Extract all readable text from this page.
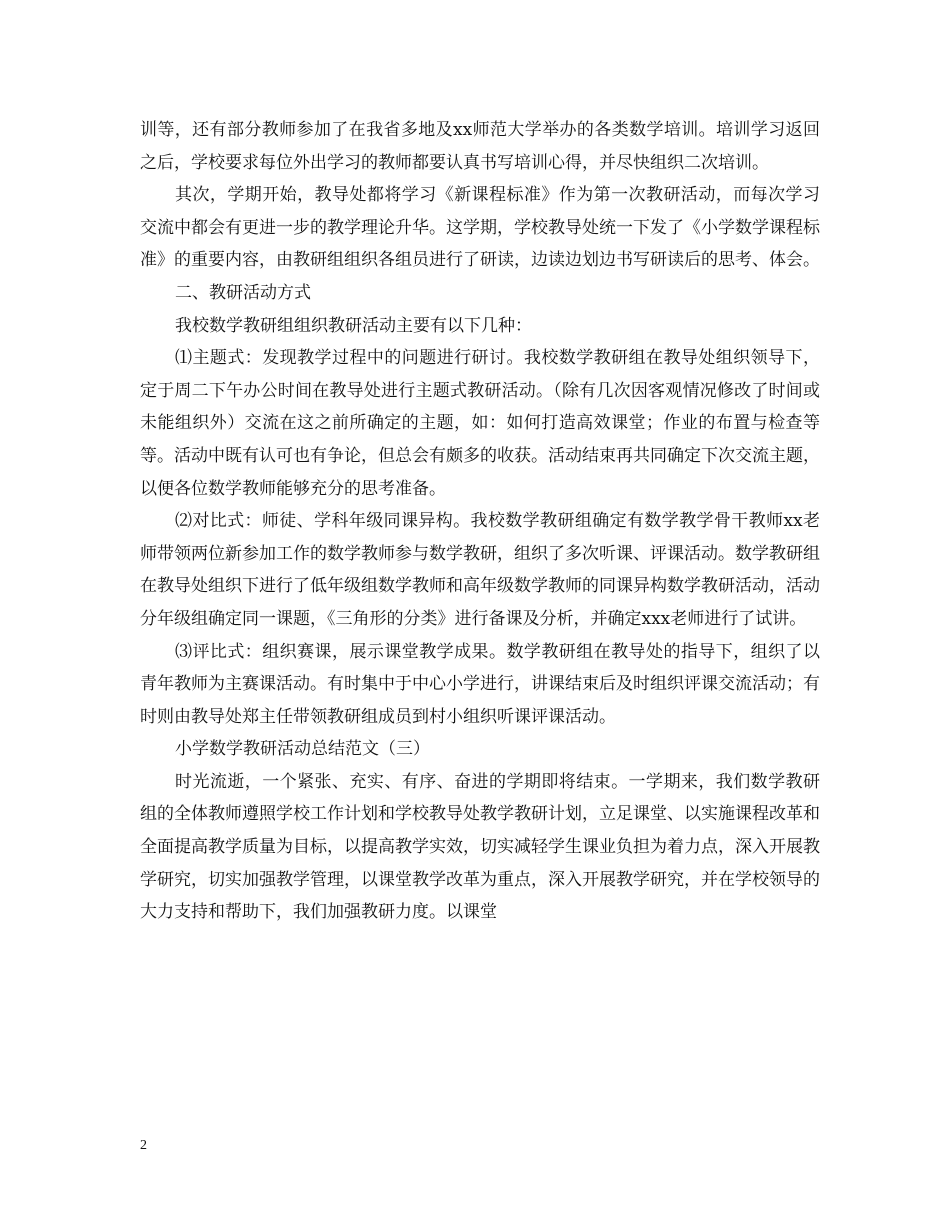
训等，还有部分教师参加了在我省多地及xx师范大学举办的各类数学培训。培训学习返回之后，学校要求每位外出学习的教师都要认真书写培训心得，并尽快组织二次培训。

其次，学期开始，教导处都将学习《新课程标准》作为第一次教研活动，而每次学习交流中都会有更进一步的教学理论升华。这学期，学校教导处统一下发了《小学数学课程标准》的重要内容，由教研组组织各组员进行了研读，边读边划边书写研读后的思考、体会。

二、教研活动方式

我校数学教研组组织教研活动主要有以下几种：

⑴主题式：发现教学过程中的问题进行研讨。我校数学教研组在教导处组织领导下，定于周二下午办公时间在教导处进行主题式教研活动。（除有几次因客观情况修改了时间或未能组织外）交流在这之前所确定的主题，如：如何打造高效课堂；作业的布置与检查等等。活动中既有认可也有争论，但总会有颇多的收获。活动结束再共同确定下次交流主题，以便各位数学教师能够充分的思考准备。

⑵对比式：师徒、学科年级同课异构。我校数学教研组确定有数学教学骨干教师xx老师带领两位新参加工作的数学教师参与数学教研，组织了多次听课、评课活动。数学教研组在教导处组织下进行了低年级组数学教师和高年级数学教师的同课异构数学教研活动，活动分年级组确定同一课题，《三角形的分类》进行备课及分析，并确定xxx老师进行了试讲。

⑶评比式：组织赛课，展示课堂教学成果。数学教研组在教导处的指导下，组织了以青年教师为主赛课活动。有时集中于中心小学进行，讲课结束后及时组织评课交流活动；有时则由教导处郑主任带领教研组成员到村小组织听课评课活动。

小学数学教研活动总结范文（三）

时光流逝，一个紧张、充实、有序、奋进的学期即将结束。一学期来，我们数学教研组的全体教师遵照学校工作计划和学校教导处教学教研计划，立足课堂、以实施课程改革和全面提高教学质量为目标，以提高教学实效，切实减轻学生课业负担为着力点，深入开展教学研究，切实加强教学管理，以课堂教学改革为重点，深入开展教学研究，并在学校领导的大力支持和帮助下，我们加强教研力度。以课堂

2
